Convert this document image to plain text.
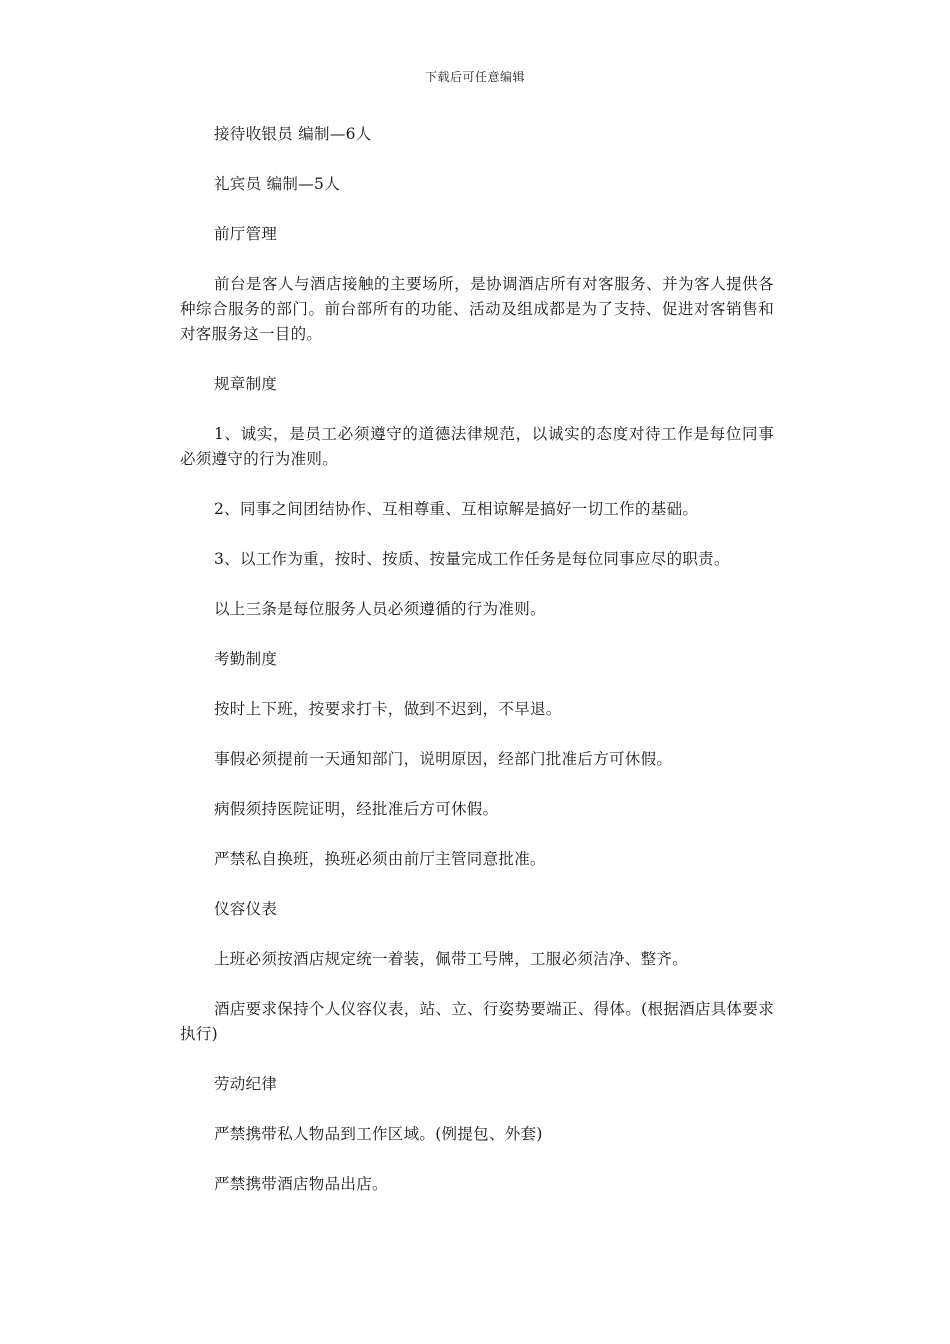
下载后可任意编辑

接待收银员 编制—6人

礼宾员 编制—5人

前厅管理

前台是客人与酒店接触的主要场所，是协调酒店所有对客服务、并为客人提供各种综合服务的部门。前台部所有的功能、活动及组成都是为了支持、促进对客销售和对客服务这一目的。

规章制度

1、诚实，是员工必须遵守的道德法律规范，以诚实的态度对待工作是每位同事必须遵守的行为准则。

2、同事之间团结协作、互相尊重、互相谅解是搞好一切工作的基础。

3、以工作为重，按时、按质、按量完成工作任务是每位同事应尽的职责。

以上三条是每位服务人员必须遵循的行为准则。

考勤制度

按时上下班，按要求打卡，做到不迟到，不早退。

事假必须提前一天通知部门，说明原因，经部门批准后方可休假。

病假须持医院证明，经批准后方可休假。

严禁私自换班，换班必须由前厅主管同意批准。

仪容仪表

上班必须按酒店规定统一着装，佩带工号牌，工服必须洁净、整齐。

酒店要求保持个人仪容仪表，站、立、行姿势要端正、得体。(根据酒店具体要求执行)

劳动纪律

严禁携带私人物品到工作区域。(例提包、外套)

严禁携带酒店物品出店。
